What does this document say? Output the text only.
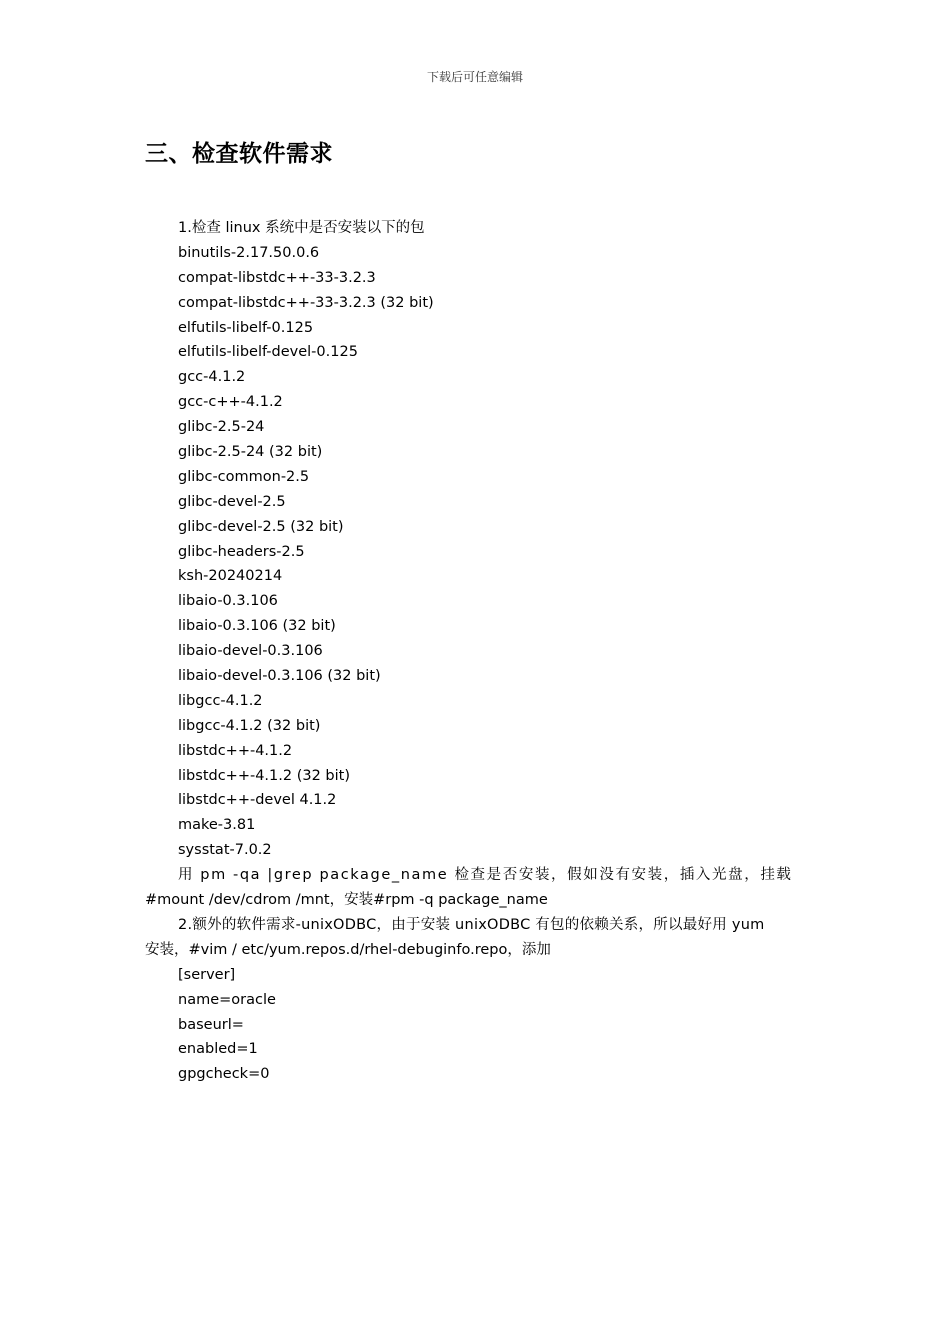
下载后可任意编辑
三、检查软件需求
1.检查 linux 系统中是否安装以下的包
binutils-2.17.50.0.6
compat-libstdc++-33-3.2.3
compat-libstdc++-33-3.2.3 (32 bit)
elfutils-libelf-0.125
elfutils-libelf-devel-0.125
gcc-4.1.2
gcc-c++-4.1.2
glibc-2.5-24
glibc-2.5-24 (32 bit)
glibc-common-2.5
glibc-devel-2.5
glibc-devel-2.5 (32 bit)
glibc-headers-2.5
ksh-20240214
libaio-0.3.106
libaio-0.3.106 (32 bit)
libaio-devel-0.3.106
libaio-devel-0.3.106 (32 bit)
libgcc-4.1.2
libgcc-4.1.2 (32 bit)
libstdc++-4.1.2
libstdc++-4.1.2 (32 bit)
libstdc++-devel 4.1.2
make-3.81
sysstat-7.0.2
用 pm -qa |grep package_name 检查是否安装，假如没有安装，插入光盘，挂载
#mount /dev/cdrom /mnt，安装#rpm -q package_name
2.额外的软件需求-unixODBC，由于安装 unixODBC 有包的依赖关系，所以最好用 yum
安装，#vim / etc/yum.repos.d/rhel-debuginfo.repo，添加
[server]
name=oracle
baseurl=
enabled=1
gpgcheck=0
